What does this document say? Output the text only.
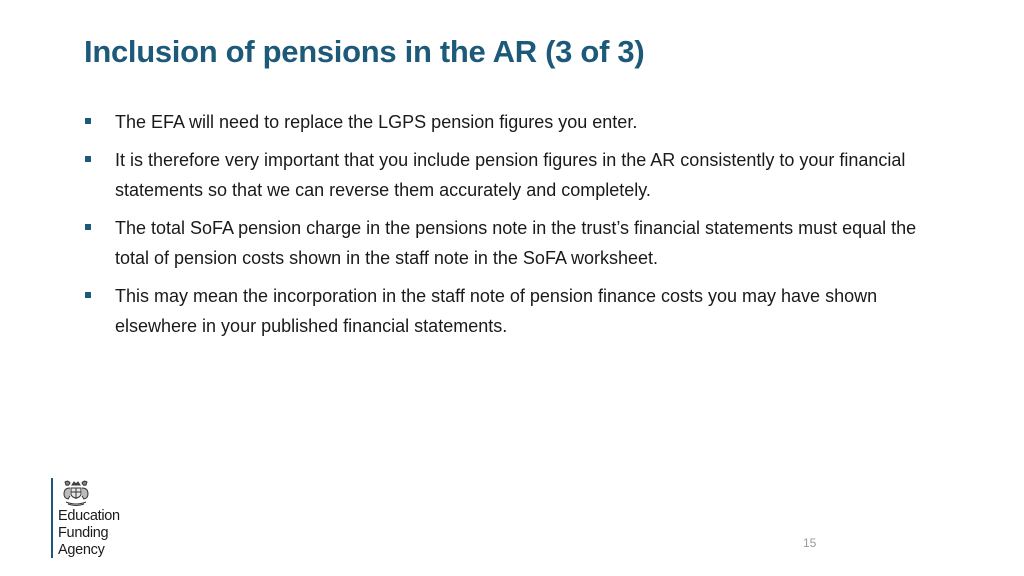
Inclusion of pensions in the AR (3 of 3)
The EFA will need to replace the LGPS pension figures you enter.
It is therefore very important that you include pension figures in the AR consistently to your financial statements so that we can reverse them accurately and completely.
The total SoFA pension charge in the pensions note in the trust’s financial statements must equal the total of pension costs shown in the staff note in the SoFA worksheet.
This may mean the incorporation in the staff note of pension finance costs you may have shown elsewhere in your published financial statements.
Education
Funding
Agency	15
